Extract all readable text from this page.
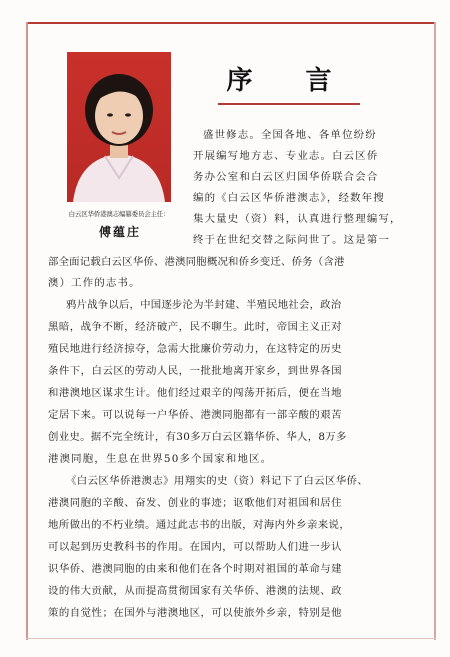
白云区华侨港澳志编纂委员会主任：
傅蕴庄
序 言
盛世修志。全国各地、各单位纷纷
开展编写地方志、专业志。白云区侨
务办公室和白云区归国华侨联合会合
编的《白云区华侨港澳志》，经数年搜
集大量史（资）料，认真进行整理编写，
终于在世纪交替之际问世了。这是第一
部全面记载白云区华侨、港澳同胞概况和侨乡变迁、侨务（含港
澳）工作的志书。
鸦片战争以后，中国逐步沦为半封建、半殖民地社会，政治
黑暗，战争不断，经济破产，民不聊生。此时，帝国主义正对
殖民地进行经济掠夺，急需大批廉价劳动力，在这特定的历史
条件下，白云区的劳动人民，一批批地离开家乡，到世界各国
和港澳地区谋求生计。他们经过艰辛的闯荡开拓后，便在当地
定居下来。可以说每一户华侨、港澳同胞都有一部辛酸的艰苦
创业史。据不完全统计，有30多万白云区籍华侨、华人，8万多
港澳同胞，生息在世界50多个国家和地区。
《白云区华侨港澳志》用翔实的史（资）料记下了白云区华侨、
港澳同胞的辛酸、奋发、创业的事迹；讴歌他们对祖国和居住
地所做出的不朽业绩。通过此志书的出版，对海内外乡亲来说，
可以起到历史教科书的作用。在国内，可以帮助人们进一步认
识华侨、港澳同胞的由来和他们在各个时期对祖国的革命与建
设的伟大贡献，从而提高贯彻国家有关华侨、港澳的法规、政
策的自觉性；在国外与港澳地区，可以使旅外乡亲，特别是他
